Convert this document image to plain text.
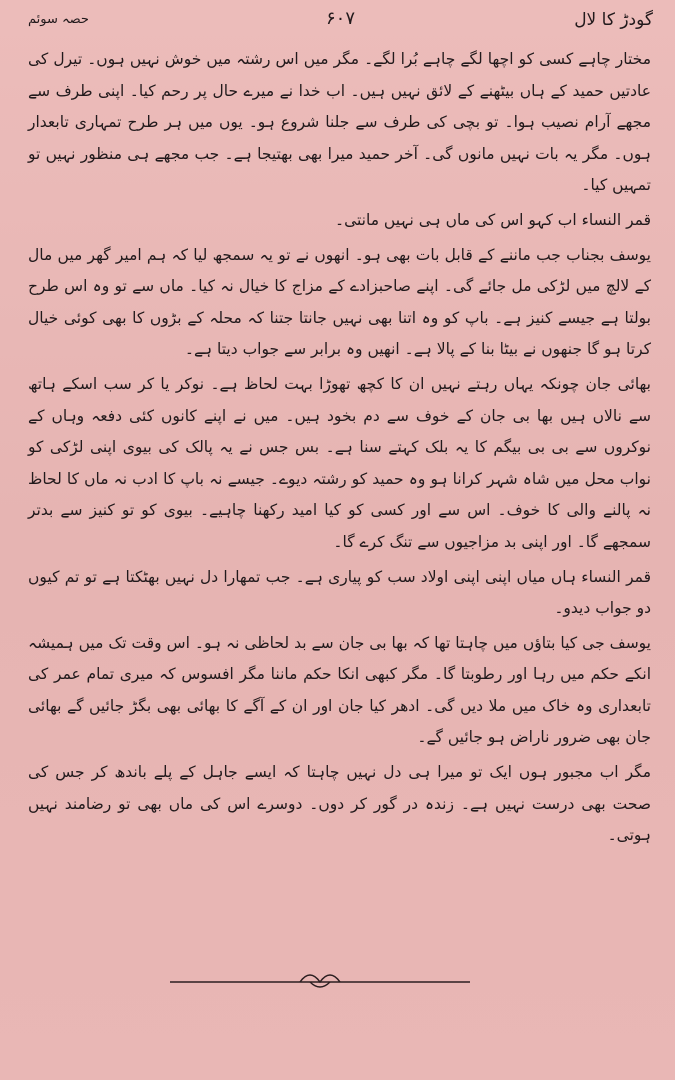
گودڑ کا لال
۶۰۷
حصہ سوئم

مختار چاہے کسی کو اچھا لگے چاہے بُرا لگے۔ مگر میں اس رشتہ میں خوش نہیں ہوں۔ تیرل کی عادتیں حمید کے ہاں بیٹھنے کے لائق نہیں ہیں۔ اب خدا نے میرے حال پر رحم کیا۔ اپنی طرف سے مجھے آرام نصیب ہوا۔ تو بچی کی طرف سے جلنا شروع ہو۔ یوں میں ہر طرح تمہاری تابعدار ہوں۔ مگر یہ بات نہیں مانوں گی۔ آخر حمید میرا بھی بھتیجا ہے۔ جب مجھے ہی منظور نہیں تو تمہیں کیا۔

قمر النساء اب کہو اس کی ماں ہی نہیں مانتی۔

یوسف بجناب جب ماننے کے قابل بات بھی ہو۔ انھوں نے تو یہ سمجھ لیا کہ ہم امیر گھر میں مال کے لالچ میں لڑکی مل جائے گی۔ اپنے صاحبزادے کے مزاج کا خیال نہ کیا۔ ماں سے تو وہ اس طرح بولتا ہے جیسے کنیز ہے۔ باپ کو وہ اتنا بھی نہیں جانتا جتنا کہ محلہ کے بڑوں کا بھی کوئی خیال کرتا ہو گا جنھوں نے بیٹا بنا کے پالا ہے۔ انھیں وہ برابر سے جواب دیتا ہے۔

بھائی جان چونکہ یہاں رہتے نہیں ان کا کچھ تھوڑا بہت لحاظ ہے۔ نوکر یا کر سب اسکے ہاتھ سے نالاں ہیں بھا بی جان کے خوف سے دم بخود ہیں۔ میں نے اپنے کانوں کئی دفعہ وہاں کے نوکروں سے بی بی بیگم کا یہ بلک کہتے سنا ہے۔ بس جس نے یہ پالک کی بیوی اپنی لڑکی کو نواب محل میں شاہ شہر کرانا ہو وہ حمید کو رشتہ دیوے۔ جیسے نہ باپ کا ادب نہ ماں کا لحاظ نہ پالنے والی کا خوف۔ اس سے اور کسی کو کیا امید رکھنا چاہیے۔ بیوی کو تو کنیز سے بدتر سمجھے گا۔ اور اپنی بد مزاجیوں سے تنگ کرے گا۔

قمر النساء ہاں میاں اپنی اپنی اولاد سب کو پیاری ہے۔ جب تمھارا دل نہیں بھٹکتا ہے تو تم کیوں دو جواب دیدو۔

یوسف جی کیا بتاؤں میں چاہتا تھا کہ بھا بی جان سے بد لحاظی نہ ہو۔ اس وقت تک میں ہمیشہ انکے حکم میں رہا اور رطوبتا گا۔ مگر کبھی انکا حکم ماننا مگر افسوس کہ میری تمام عمر کی تابعداری وہ خاک میں ملا دیں گی۔ ادھر کیا جان اور ان کے آگے کا بھائی بھی بگڑ جائیں گے بھائی جان بھی ضرور ناراض ہو جائیں گے۔

مگر اب مجبور ہوں ایک تو میرا ہی دل نہیں چاہتا کہ ایسے جاہل کے پلے باندھ کر جس کی صحت بھی درست نہیں ہے۔ زندہ در گور کر دوں۔ دوسرے اس کی ماں بھی تو رضامند نہیں ہوتی۔
